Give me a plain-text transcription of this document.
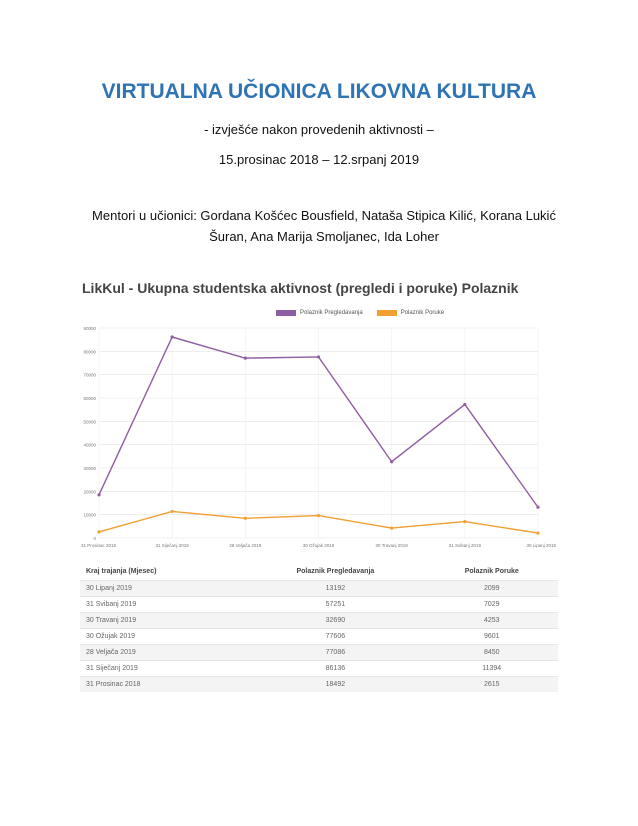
VIRTUALNA UČIONICA LIKOVNA KULTURA
- izvješće nakon provedenih aktivnosti –
15.prosinac 2018 – 12.srpanj 2019
Mentori u učionici: Gordana Košćec Bousfield, Nataša Stipica Kilić, Korana Lukić
Šuran, Ana Marija Smoljanec, Ida Loher
LikKul - Ukupna studentska aktivnost (pregledi i poruke) Polaznik
Polaznik Pregledavanja	Polaznik Poruke
0
10000
20000
30000
40000
50000
60000
70000
80000
90000
31 Prosinac 2018	31 Siječanj 2019	28 Veljača 2019	30 Ožujak 2019	30 Travanj 2019	31 Svibanj 2019	30 Lipanj 2019
Kraj trajanja (Mjesec)	Polaznik Pregledavanja	Polaznik Poruke
30 Lipanj 2019	13192	2099
31 Svibanj 2019	57251	7029
30 Travanj 2019	32690	4253
30 Ožujak 2019	77606	9601
28 Veljača 2019	77086	8450
31 Siječanj 2019	86136	11394
31 Prosinac 2018	18492	2615
